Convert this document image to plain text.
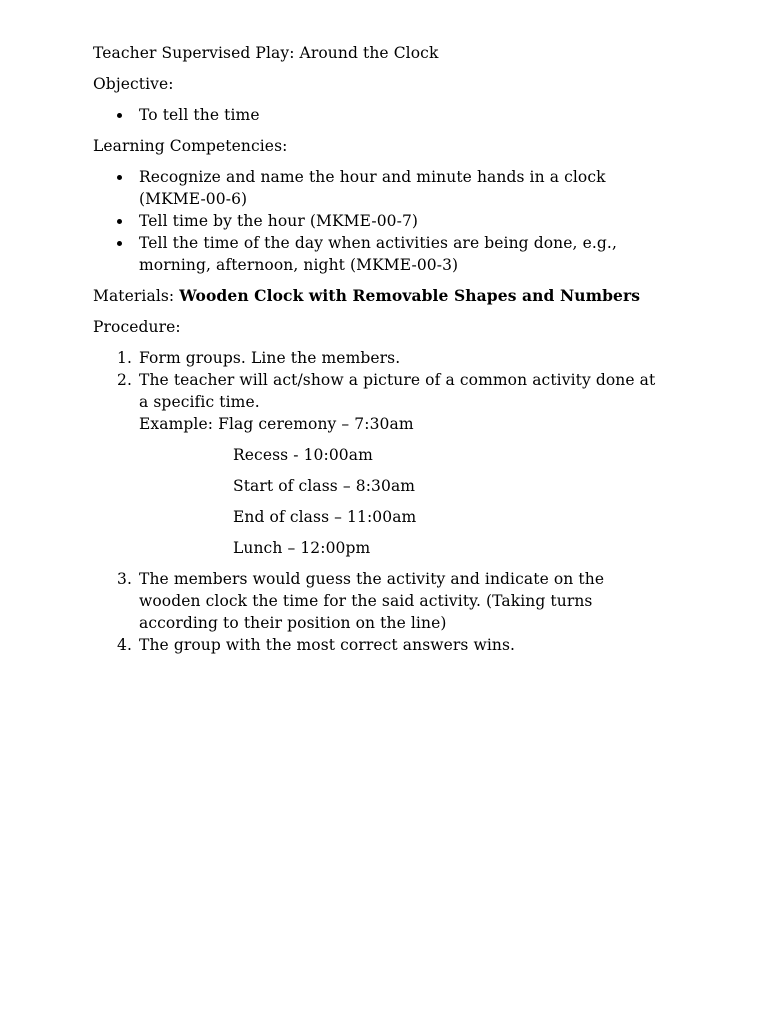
Teacher Supervised Play: Around the Clock

Objective:

To tell the time

Learning Competencies:

Recognize and name the hour and minute hands in a clock
(MKME-00-6)
Tell time by the hour (MKME-00-7)
Tell the time of the day when activities are being done, e.g.,
morning, afternoon, night (MKME-00-3)

Materials: Wooden Clock with Removable Shapes and Numbers

Procedure:

1. Form groups. Line the members.
2. The teacher will act/show a picture of a common activity done at
a specific time.
Example: Flag ceremony – 7:30am
Recess - 10:00am
Start of class – 8:30am
End of class – 11:00am
Lunch – 12:00pm
3. The members would guess the activity and indicate on the
wooden clock the time for the said activity. (Taking turns
according to their position on the line)
4. The group with the most correct answers wins.
